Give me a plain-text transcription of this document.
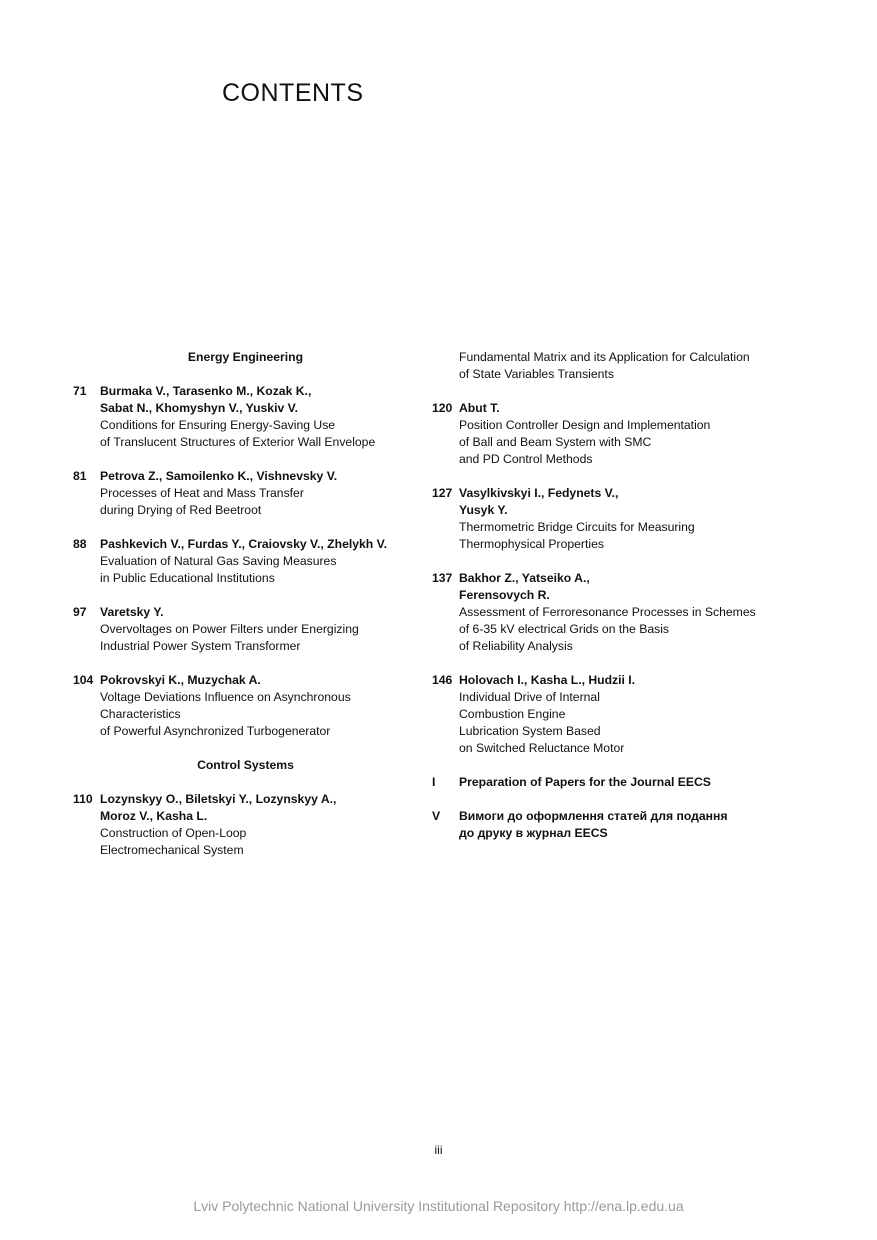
CONTENTS
Energy Engineering
71	Burmaka V., Tarasenko M., Kozak K.,
Sabat N., Khomyshyn V., Yuskiv V.
Conditions for Ensuring Energy-Saving Use
of Translucent Structures of Exterior Wall Envelope
81	Petrova Z., Samoilenko K., Vishnevsky V.
Processes of Heat and Mass Transfer
during Drying of Red Beetroot
88	Pashkevich V., Furdas Y., Craiovsky V., Zhelykh V.
Evaluation of Natural Gas Saving Measures
in Public Educational Institutions
97	Varetsky Y.
Overvoltages on Power Filters under Energizing
Industrial Power System Transformer
104 Pokrovskyi K., Muzychak A.
Voltage Deviations Influence on Asynchronous Characteristics
of Powerful Asynchronized Turbogenerator
Control Systems
110 Lozynskyy O., Biletskyi Y., Lozynskyy A.,
Moroz V., Kasha L.
Construction of Open-Loop
Electromechanical System
Fundamental Matrix and its Application for Calculation
of State Variables Transients
120 Abut T.
Position Controller Design and Implementation
of Ball and Beam System with SMC
and PD Control Methods
127 Vasylkivskyi I., Fedynets V.,
Yusyk Y.
Thermometric Bridge Circuits for Measuring
Thermophysical Properties
137 Bakhor Z., Yatseiko A.,
Ferensovych R.
Assessment of Ferroresonance Processes in Schemes
of 6-35 kV electrical Grids on the Basis
of Reliability Analysis
146 Holovach I., Kasha L., Hudzii I.
Individual Drive of Internal
Combustion Engine
Lubrication System Based
on Switched Reluctance Motor
I	Preparation of Papers for the Journal EECS
V	Вимоги до оформлення статей для подання
до друку в журнал EECS
iii
Lviv Polytechnic National University Institutional Repository http://ena.lp.edu.ua
